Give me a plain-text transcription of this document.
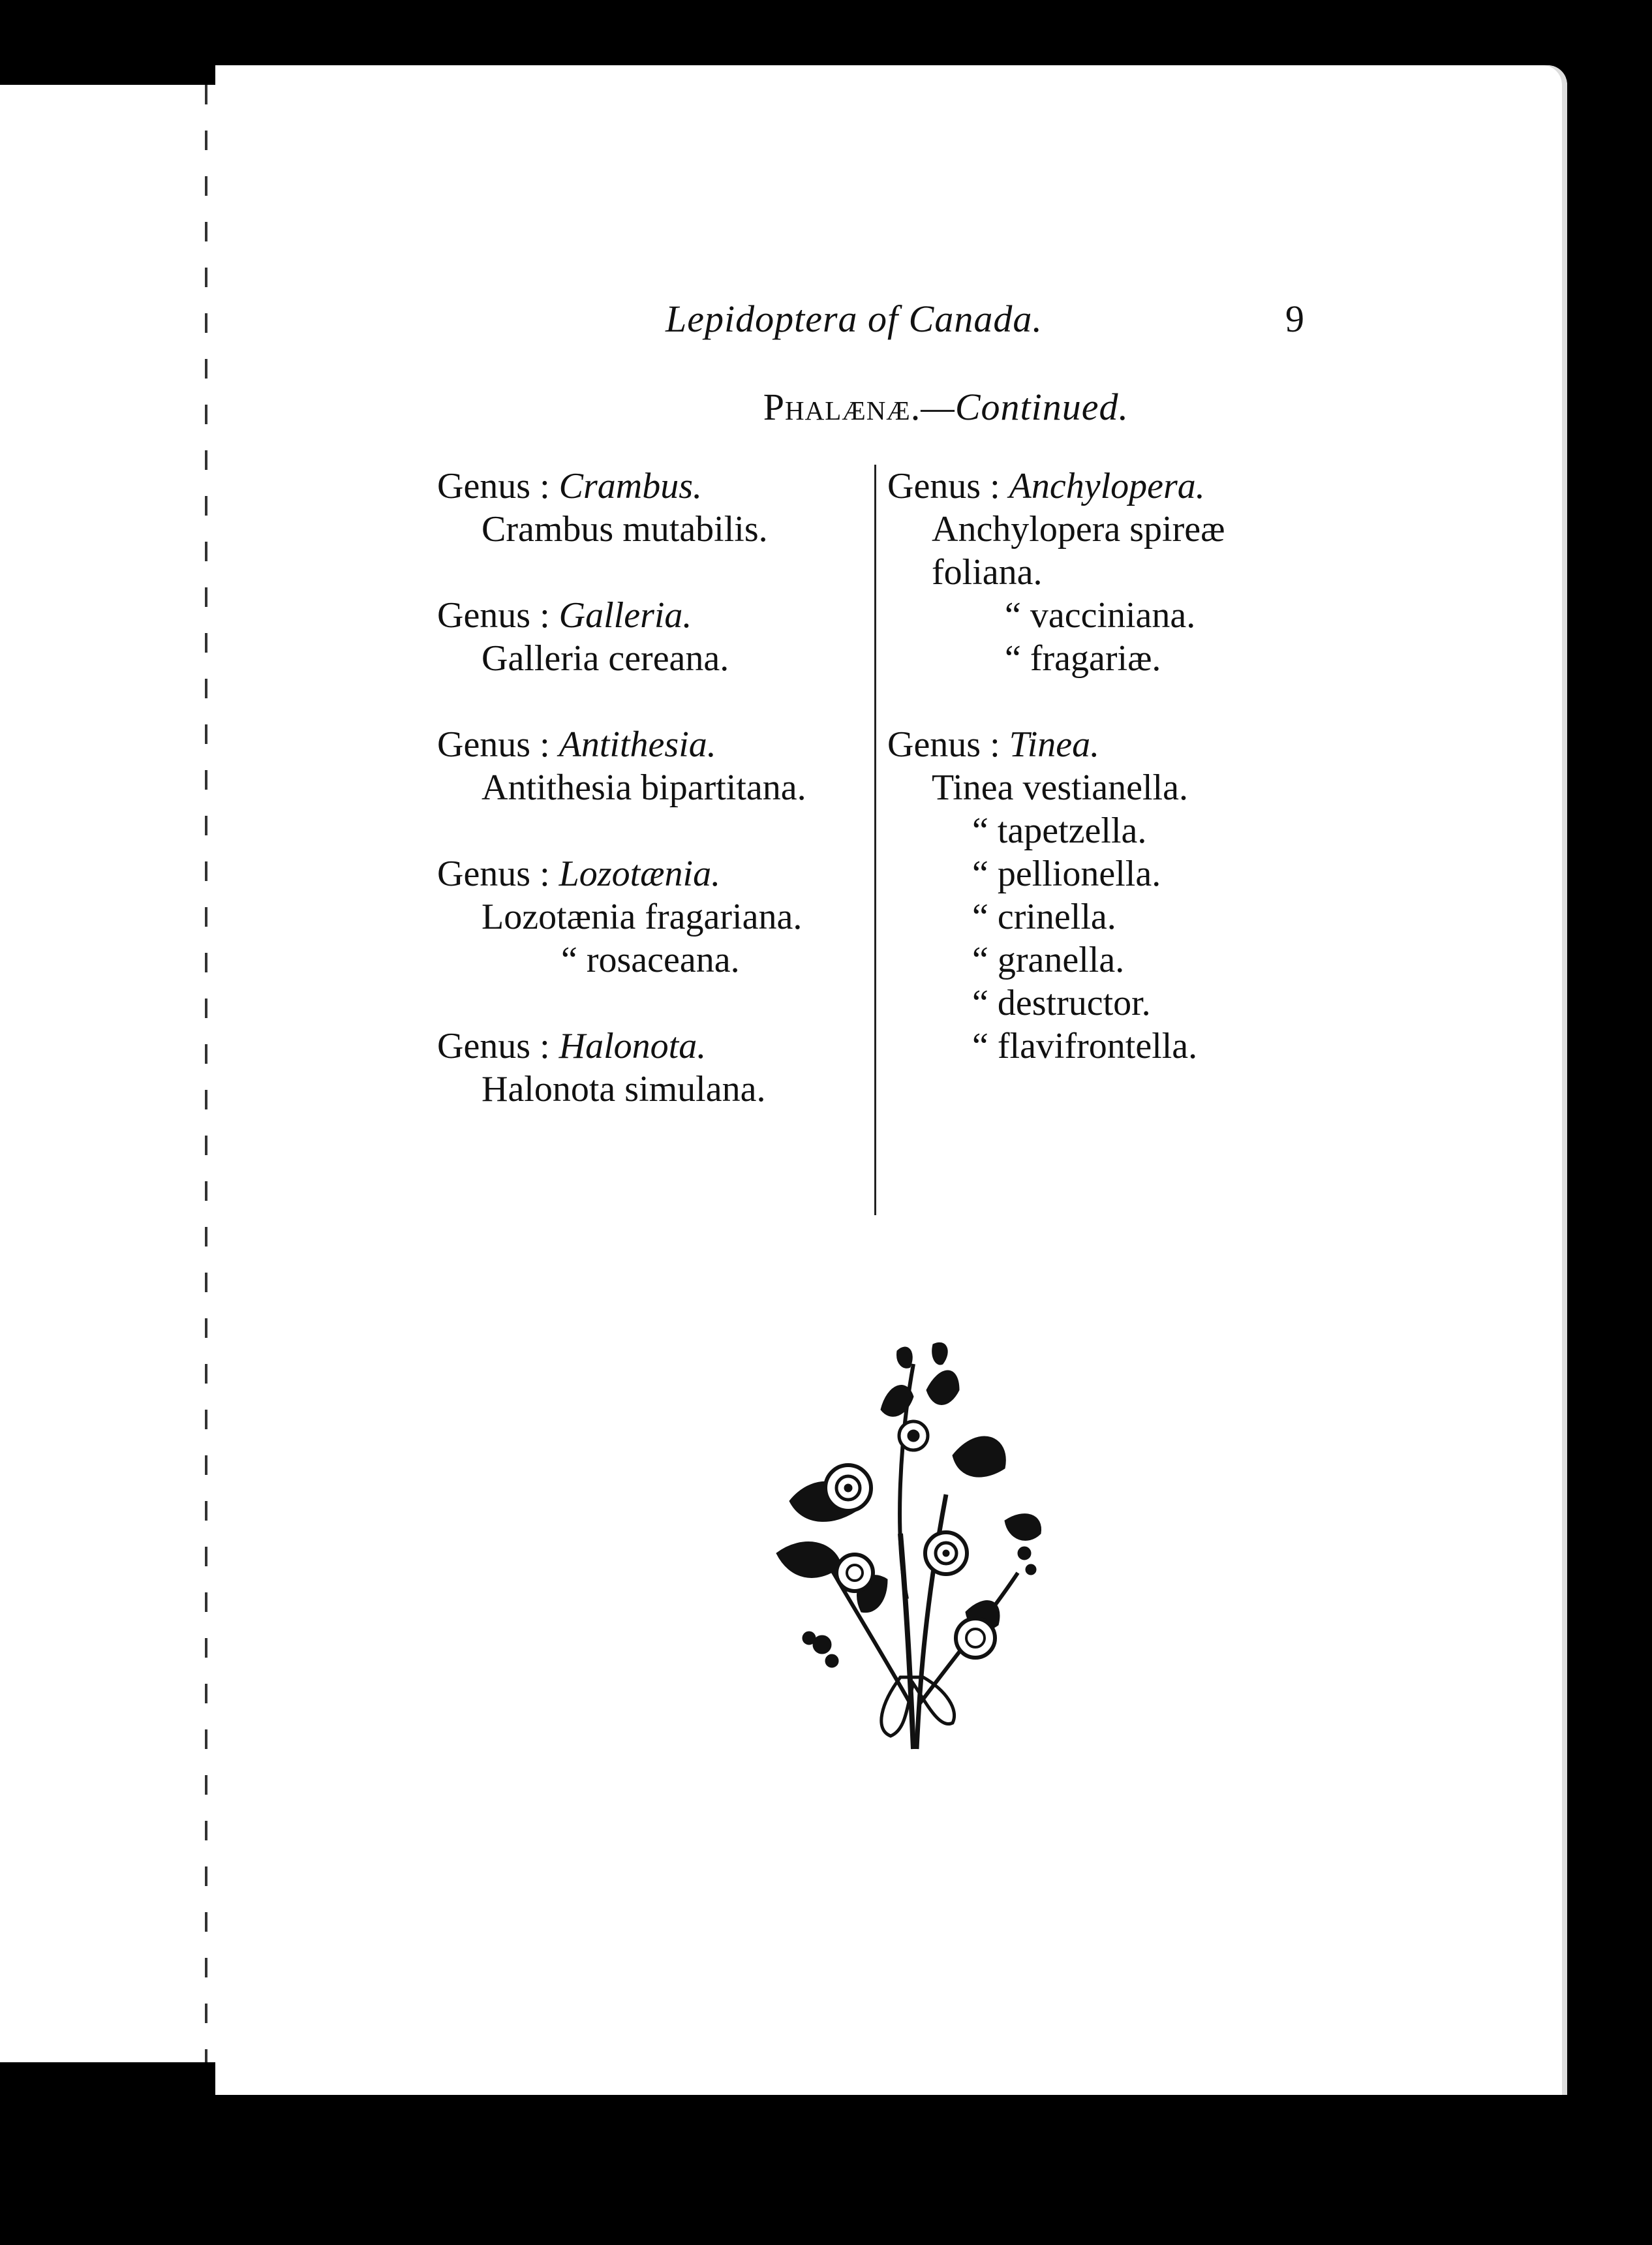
Lepidoptera of Canada.	9
Phalænæ.—Continued.
Genus : Crambus.
Crambus mutabilis.
Genus : Galleria.
Galleria cereana.
Genus : Antithesia.
Antithesia bipartitana.
Genus : Lozotænia.
Lozotænia fragariana.
“ rosaceana.
Genus : Halonota.
Halonota simulana.
Genus : Anchylopera.
Anchylopera spireæ foliana.
“ vacciniana.
“ fragariæ.
Genus : Tinea.
Tinea vestianella.
“ tapetzella.
“ pellionella.
“ crinella.
“ granella.
“ destructor.
“ flavifrontella.
